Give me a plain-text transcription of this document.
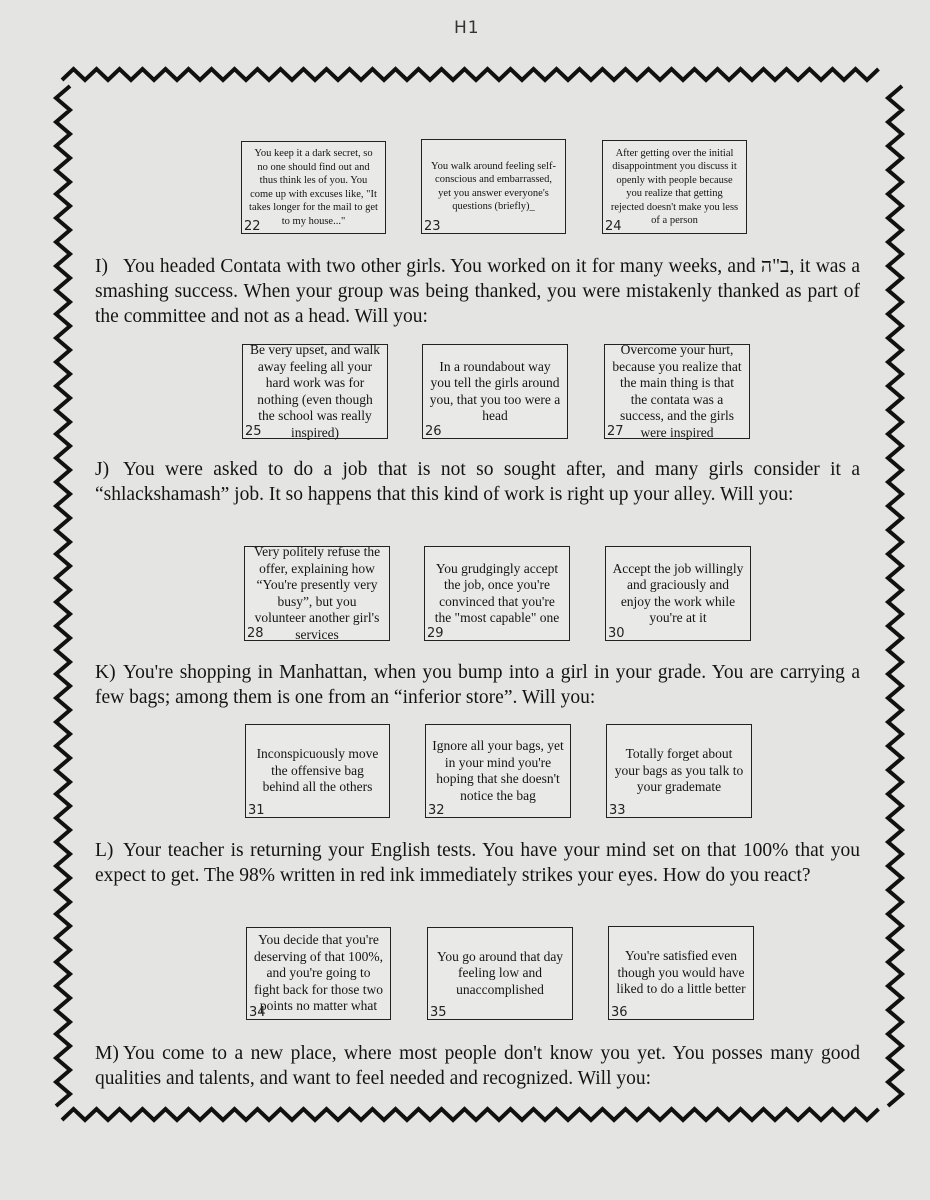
H1
You keep it a dark secret, so no one should find out and thus think les of you. You come up with excuses like, "It takes longer for the mail to get to my house..."
22
You walk around feeling self-conscious and embarrassed, yet you answer everyone's questions (briefly)_
23
After getting over the initial disappointment you discuss it openly with people because you realize that getting rejected doesn't make you less of a person
24
I) You headed Contata with two other girls. You worked on it for many weeks, and ב"ה, it was a smashing success. When your group was being thanked, you were mistakenly thanked as part of the committee and not as a head. Will you:
Be very upset, and walk away feeling all your hard work was for nothing (even though the school was really inspired)
25
In a roundabout way you tell the girls around you, that you too were a head
26
Overcome your hurt, because you realize that the main thing is that the contata was a success, and the girls were inspired
27
J) You were asked to do a job that is not so sought after, and many girls consider it a “shlackshamash” job. It so happens that this kind of work is right up your alley. Will you:
Very politely refuse the offer, explaining how “You're presently very busy”, but you volunteer another girl's services
28
You grudgingly accept the job, once you're convinced that you're the "most capable" one
29
Accept the job willingly and graciously and enjoy the work while you're at it
30
K) You're shopping in Manhattan, when you bump into a girl in your grade. You are carrying a few bags; among them is one from an “inferior store”. Will you:
Inconspicuously move the offensive bag behind all the others
31
Ignore all your bags, yet in your mind you're hoping that she doesn't notice the bag
32
Totally forget about your bags as you talk to your grademate
33
L) Your teacher is returning your English tests. You have your mind set on that 100% that you expect to get. The 98% written in red ink immediately strikes your eyes. How do you react?
You decide that you're deserving of that 100%, and you're going to fight back for those two points no matter what
34
You go around that day feeling low and unaccomplished
35
You're satisfied even though you would have liked to do a little better
36
M) You come to a new place, where most people don't know you yet. You posses many good qualities and talents, and want to feel needed and recognized. Will you:
